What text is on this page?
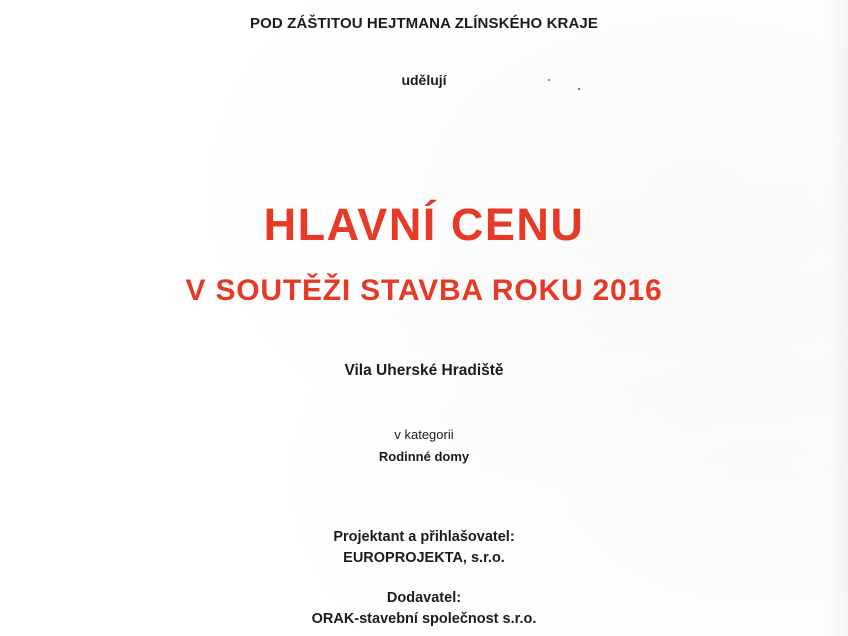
POD ZÁŠTITOU HEJTMANA ZLÍNSKÉHO KRAJE
udělují
HLAVNÍ CENU
V SOUTĚŽI STAVBA ROKU 2016
Vila Uherské Hradiště
v kategorii
Rodinné domy
Projektant a přihlašovatel:
EUROPROJEKTA, s.r.o.
Dodavatel:
ORAK-stavební společnost s.r.o.
